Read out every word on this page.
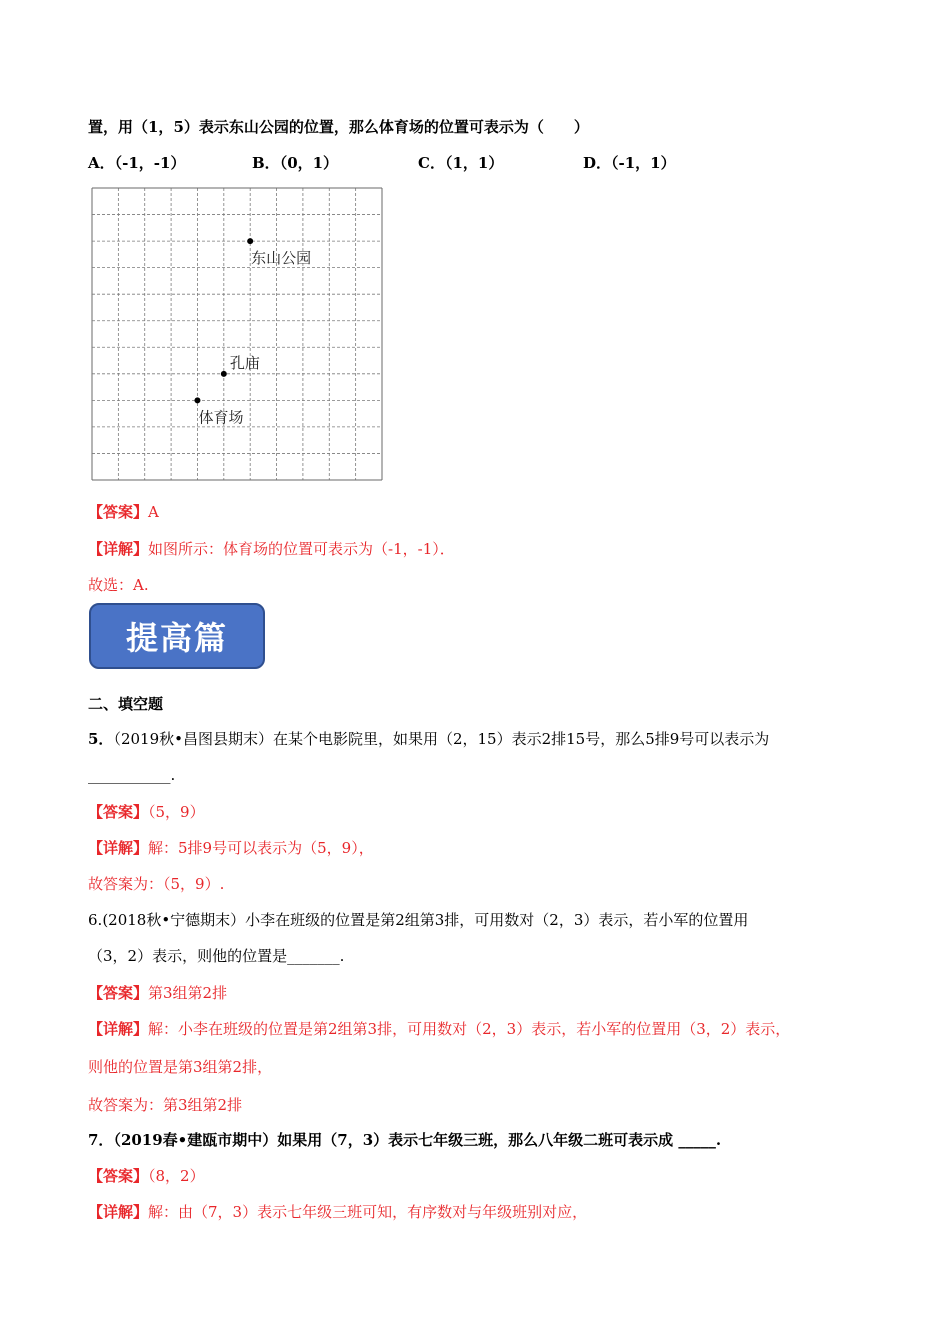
置，用（1，5）表示东山公园的位置，那么体育场的位置可表示为（　　）
A．（-1，-1）	B．（0，1）	C．（1，1）	D．（-1，1）
东山公园
孔庙
体育场
【答案】A
【详解】如图所示：体育场的位置可表示为（-1，-1）．
故选：A.
提高篇
二、填空题
5．（2019秋•昌图县期末）在某个电影院里，如果用（2，15）表示2排15号，那么5排9号可以表示为
___________.
【答案】（5，9）
【详解】解：5排9号可以表示为（5，9），
故答案为：（5，9）.
6.(2018秋•宁德期末）小李在班级的位置是第2组第3排，可用数对（2，3）表示，若小军的位置用
（3，2）表示，则他的位置是_______.
【答案】第3组第2排
【详解】解：小李在班级的位置是第2组第3排，可用数对（2，3）表示，若小军的位置用（3，2）表示，
则他的位置是第3组第2排，
故答案为：第3组第2排
7．（2019春•建瓯市期中）如果用（7，3）表示七年级三班，那么八年级二班可表示成 _____.
【答案】（8，2）
【详解】解：由（7，3）表示七年级三班可知，有序数对与年级班别对应，
